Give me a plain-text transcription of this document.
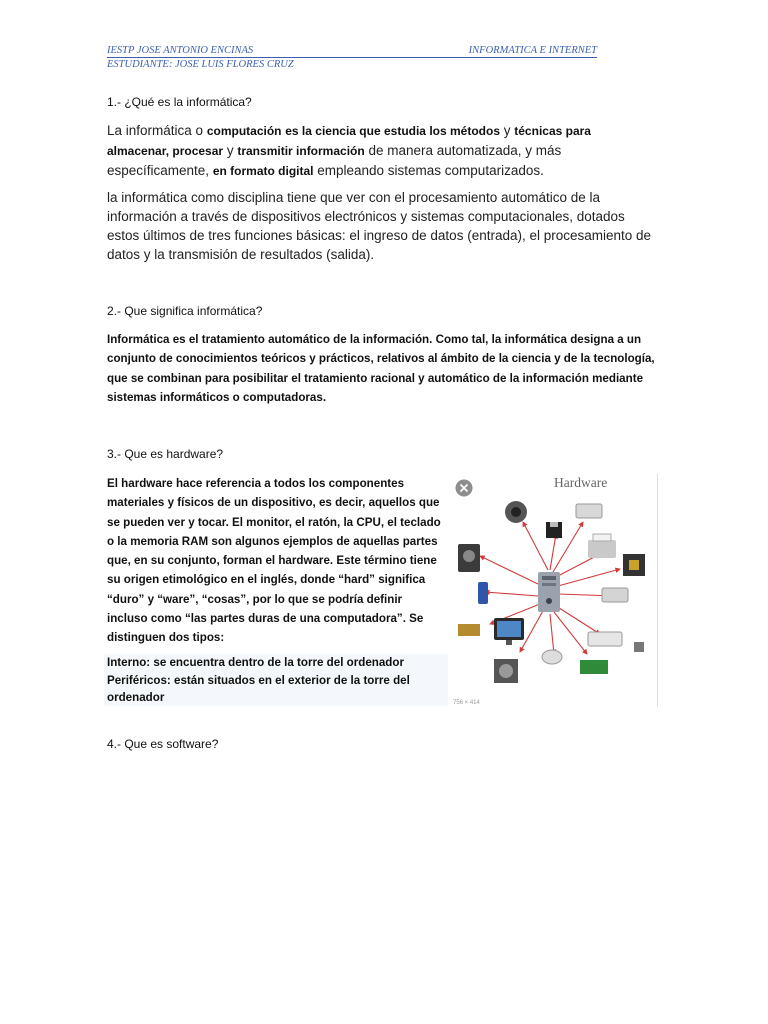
IESTP JOSE ANTONIO ENCINAS	INFORMATICA E INTERNET
ESTUDIANTE: JOSE LUIS FLORES CRUZ
1.- ¿Qué es la informática?
La informática o computación es la ciencia que estudia los métodos y técnicas para almacenar, procesar y transmitir información de manera automatizada, y más específicamente, en formato digital empleando sistemas computarizados.
la informática como disciplina tiene que ver con el procesamiento automático de la información a través de dispositivos electrónicos y sistemas computacionales, dotados estos últimos de tres funciones básicas: el ingreso de datos (entrada), el procesamiento de datos y la transmisión de resultados (salida).
2.- Que significa informática?
Informática es el tratamiento automático de la información. Como tal, la informática designa a un conjunto de conocimientos teóricos y prácticos, relativos al ámbito de la ciencia y de la tecnología, que se combinan para posibilitar el tratamiento racional y automático de la información mediante sistemas informáticos o computadoras.
3.- Que es hardware?
El hardware hace referencia a todos los componentes materiales y físicos de un dispositivo, es decir, aquellos que se pueden ver y tocar. El monitor, el ratón, la CPU, el teclado o la memoria RAM son algunos ejemplos de aquellas partes que, en su conjunto, forman el hardware. Este término tiene su origen etimológico en el inglés, donde “hard” significa “duro” y “ware”, “cosas”, por lo que se podría definir incluso como “las partes duras de una computadora”. Se distinguen dos tipos:
Interno: se encuentra dentro de la torre del ordenador
Periféricos: están situados en el exterior de la torre del ordenador
Hardware
756 × 414
4.- Que es software?
